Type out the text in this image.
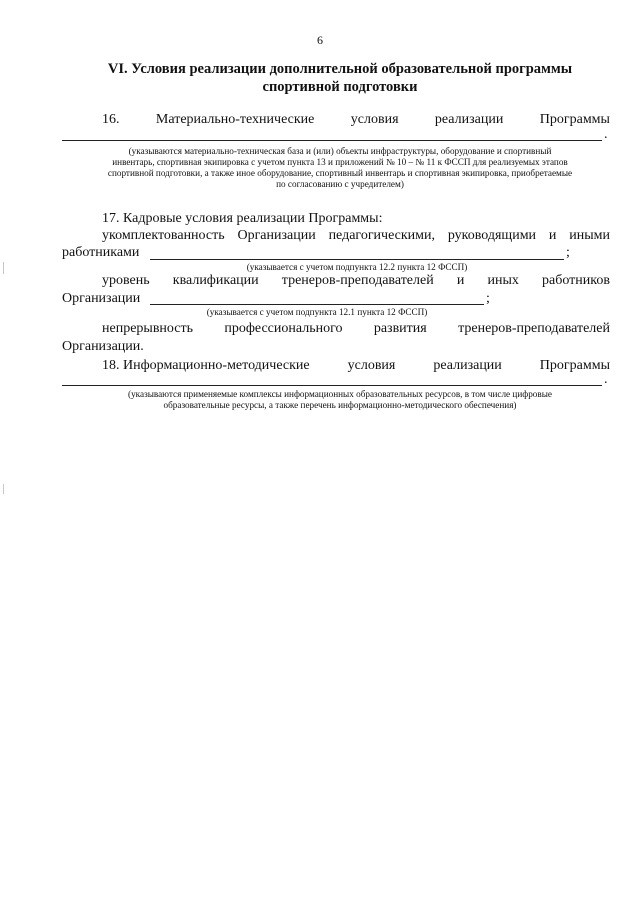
6
VI. Условия реализации дополнительной образовательной программы
спортивной подготовки
16.	Материально-технические	условия	реализации	Программы
.
(указываются материально-техническая база и (или) объекты инфраструктуры, оборудование и спортивный
инвентарь, спортивная экипировка с учетом пункта 13 и приложений № 10 – № 11 к ФССП для реализуемых этапов
спортивной подготовки, а также иное оборудование, спортивный инвентарь и спортивная экипировка, приобретаемые
по согласованию с учредителем)
17. Кадровые условия реализации Программы:
укомплектованность Организации педагогическими, руководящими и иными
работниками	;
(указывается с учетом подпункта 12.2 пункта 12 ФССП)
уровень квалификации тренеров-преподавателей и иных работников
Организации	;
(указывается с учетом подпункта 12.1 пункта 12 ФССП)
непрерывность профессионального развития тренеров-преподавателей
Организации.
18. Информационно-методические	условия	реализации	Программы
.
(указываются применяемые комплексы информационных образовательных ресурсов, в том числе цифровые
образовательные ресурсы, а также перечень информационно-методического обеспечения)
